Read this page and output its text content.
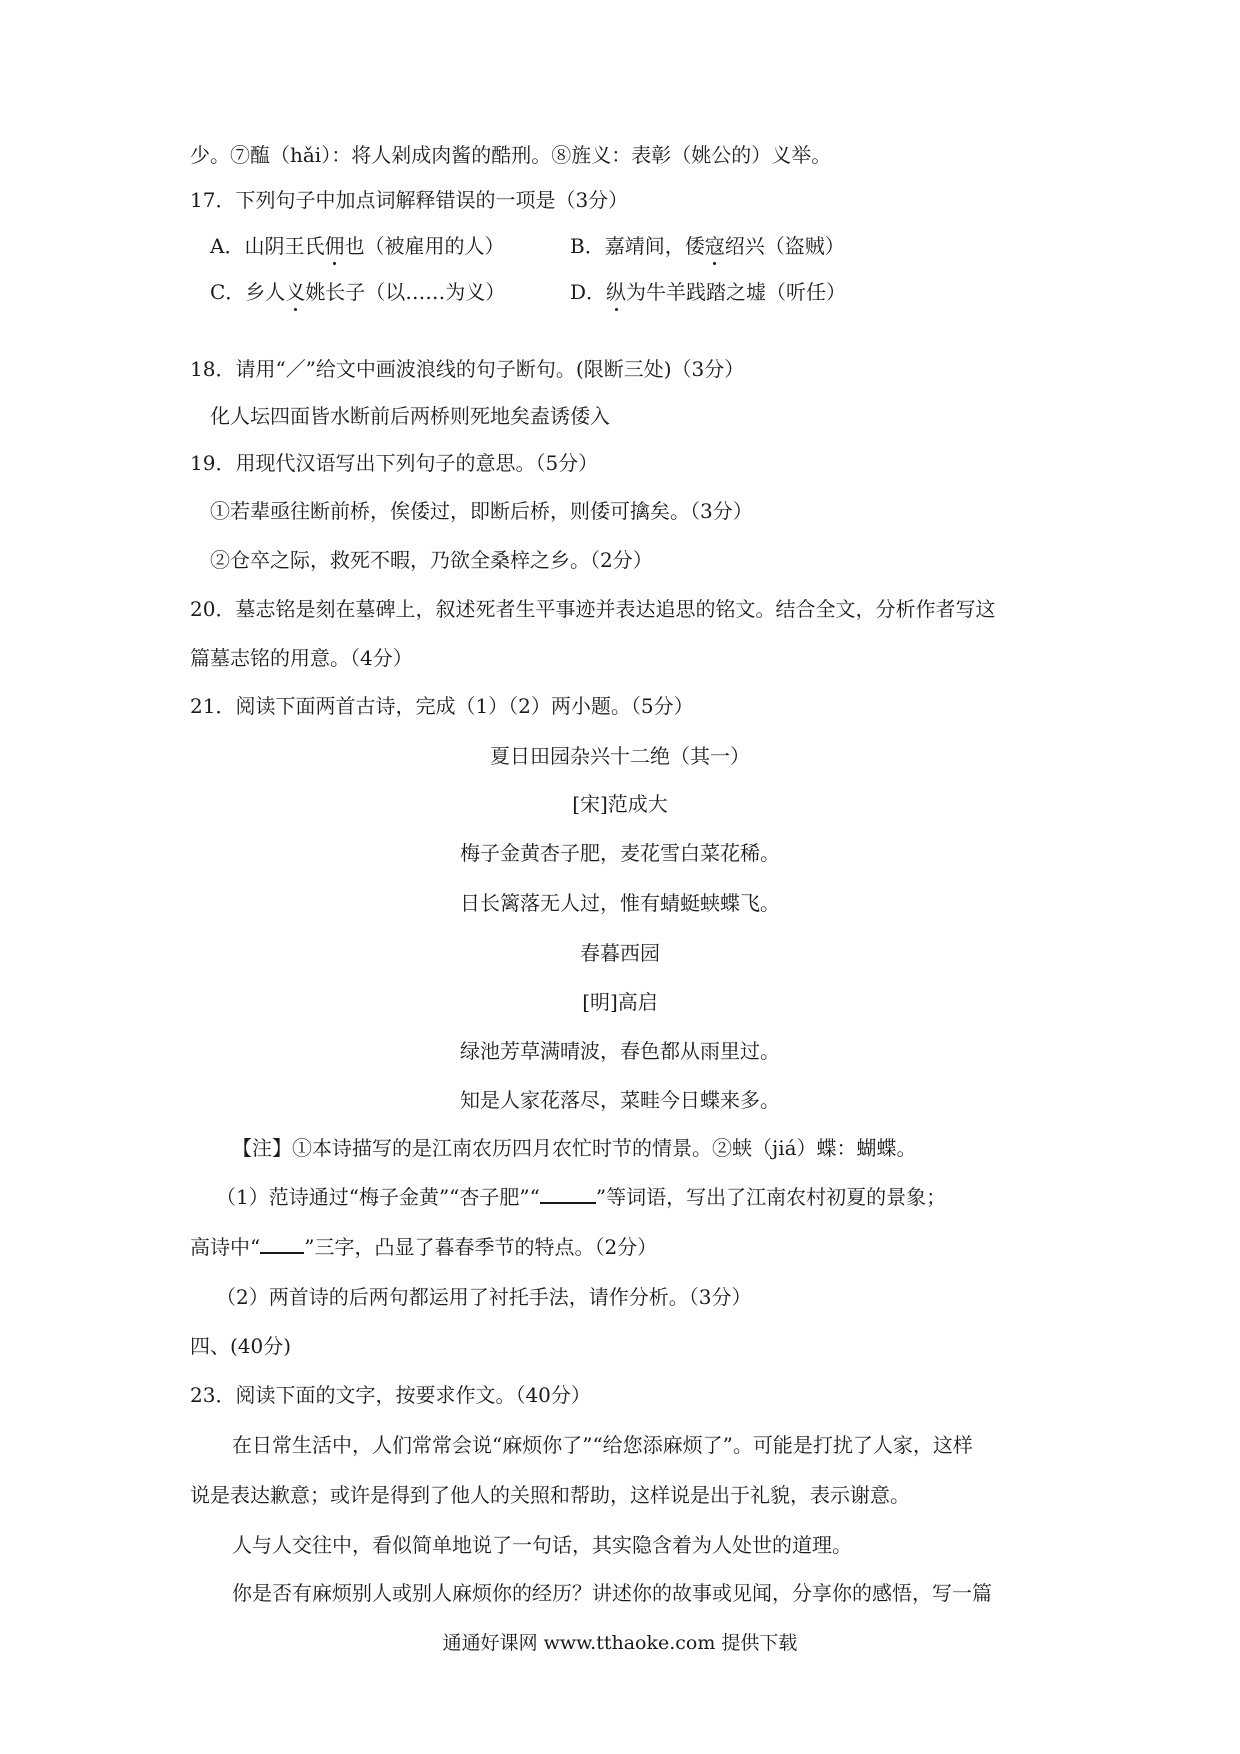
少。⑦醢（hǎi）：将人剁成肉酱的酷刑。⑧旌义：表彰（姚公的）义举。
17．下列句子中加点词解释错误的一项是（3分）
A．山阴王氏佣也（被雇用的人）	B．嘉靖间，倭寇绍兴（盗贼）
C．乡人义姚长子（以……为义）	D．纵为牛羊践踏之墟（听任）
18．请用“／”给文中画波浪线的句子断句。(限断三处)（3分）
化人坛四面皆水断前后两桥则死地矣盍诱倭入
19．用现代汉语写出下列句子的意思。（5分）
①若辈亟往断前桥，俟倭过，即断后桥，则倭可擒矣。（3分）
②仓卒之际，救死不暇，乃欲全桑梓之乡。（2分）
20．墓志铭是刻在墓碑上，叙述死者生平事迹并表达追思的铭文。结合全文，分析作者写这
篇墓志铭的用意。（4分）
21．阅读下面两首古诗，完成（1）（2）两小题。（5分）
夏日田园杂兴十二绝（其一）
[宋]范成大
梅子金黄杏子肥，麦花雪白菜花稀。
日长篱落无人过，惟有蜻蜓蛱蝶飞。
春暮西园
[明]高启
绿池芳草满晴波，春色都从雨里过。
知是人家花落尽，菜畦今日蝶来多。
【注】①本诗描写的是江南农历四月农忙时节的情景。②蛱（jiá）蝶：蝴蝶。
（1）范诗通过“梅子金黄”“杏子肥”“	”等词语，写出了江南农村初夏的景象；
高诗中“ ”三字，凸显了暮春季节的特点。（2分）
（2）两首诗的后两句都运用了衬托手法，请作分析。（3分）
四、(40分)
23．阅读下面的文字，按要求作文。（40分）
在日常生活中，人们常常会说“麻烦你了”“给您添麻烦了”。可能是打扰了人家，这样
说是表达歉意；或许是得到了他人的关照和帮助，这样说是出于礼貌，表示谢意。
人与人交往中，看似简单地说了一句话，其实隐含着为人处世的道理。
你是否有麻烦别人或别人麻烦你的经历？讲述你的故事或见闻，分享你的感悟，写一篇
通通好课网 www.tthaoke.com 提供下载
